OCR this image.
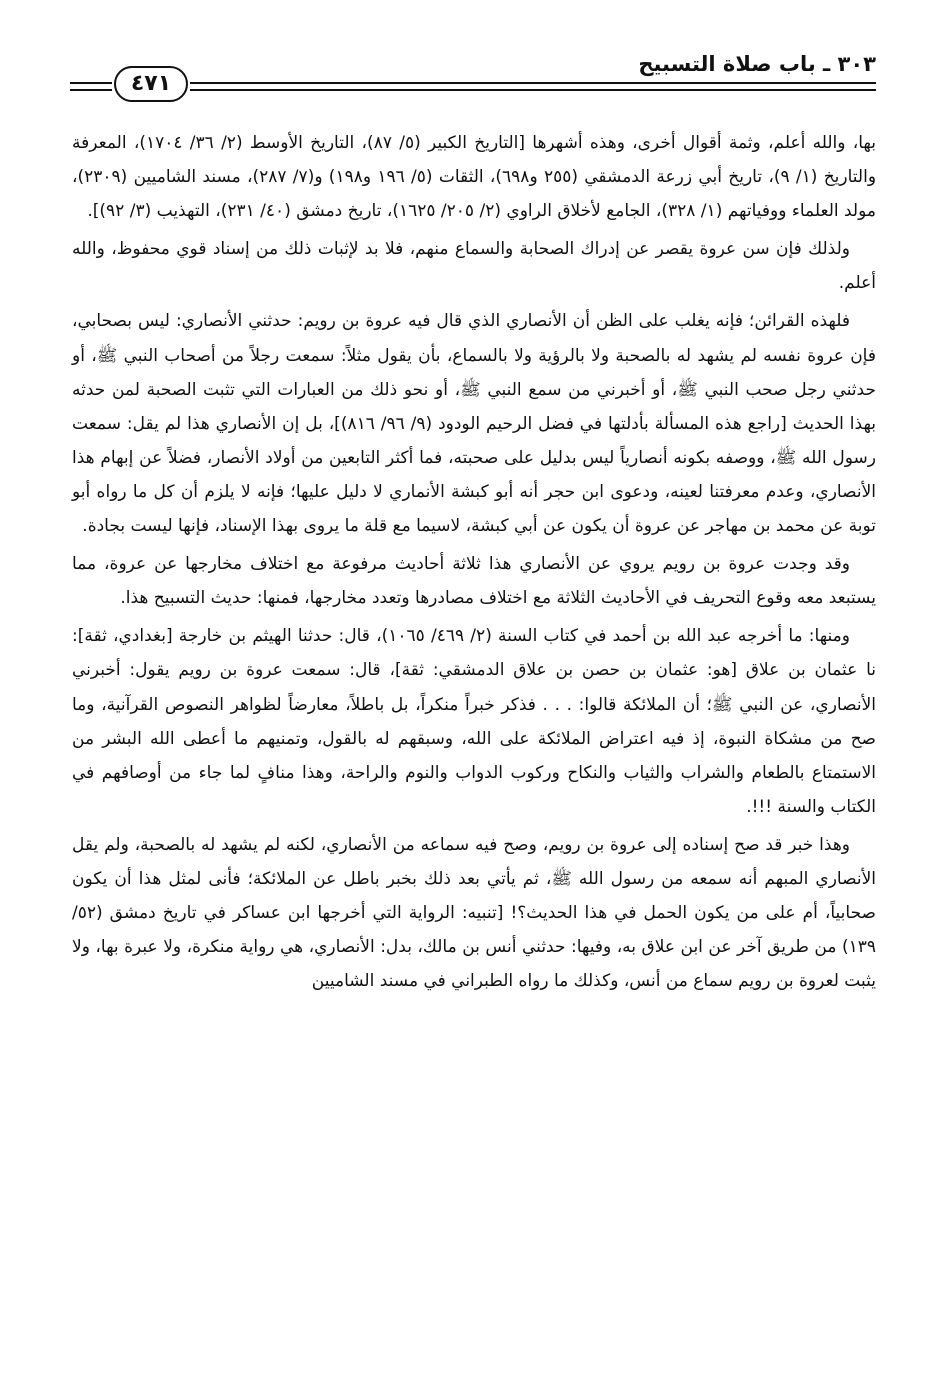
٣٠٣ ـ باب صلاة التسبيح
٤٧١

بها، والله أعلم، وثمة أقوال أخرى، وهذه أشهرها [التاريخ الكبير (٥/ ٨٧)، التاريخ الأوسط (٢/ ٣٦/ ١٧٠٤)، المعرفة والتاريخ (١/ ٩)، تاريخ أبي زرعة الدمشقي (٢٥٥ و٦٩٨)، الثقات (٥/ ١٩٦ و١٩٨) و(٧/ ٢٨٧)، مسند الشاميين (٢٣٠٩)، مولد العلماء ووفياتهم (١/ ٣٢٨)، الجامع لأخلاق الراوي (٢/ ٢٠٥/ ١٦٢٥)، تاريخ دمشق (٤٠/ ٢٣١)، التهذيب (٣/ ٩٢)].

ولذلك فإن سن عروة يقصر عن إدراك الصحابة والسماع منهم، فلا بد لإثبات ذلك من إسناد قوي محفوظ، والله أعلم.

فلهذه القرائن؛ فإنه يغلب على الظن أن الأنصاري الذي قال فيه عروة بن رويم: حدثني الأنصاري: ليس بصحابي، فإن عروة نفسه لم يشهد له بالصحبة ولا بالرؤية ولا بالسماع، بأن يقول مثلاً: سمعت رجلاً من أصحاب النبي ﷺ، أو حدثني رجل صحب النبي ﷺ، أو أخبرني من سمع النبي ﷺ، أو نحو ذلك من العبارات التي تثبت الصحبة لمن حدثه بهذا الحديث [راجع هذه المسألة بأدلتها في فضل الرحيم الودود (٩/ ٩٦/ ٨١٦)]، بل إن الأنصاري هذا لم يقل: سمعت رسول الله ﷺ، ووصفه بكونه أنصارياً ليس بدليل على صحبته، فما أكثر التابعين من أولاد الأنصار، فضلاً عن إبهام هذا الأنصاري، وعدم معرفتنا لعينه، ودعوى ابن حجر أنه أبو كبشة الأنماري لا دليل عليها؛ فإنه لا يلزم أن كل ما رواه أبو توبة عن محمد بن مهاجر عن عروة أن يكون عن أبي كبشة، لاسيما مع قلة ما يروى بهذا الإسناد، فإنها ليست بجادة.

وقد وجدت عروة بن رويم يروي عن الأنصاري هذا ثلاثة أحاديث مرفوعة مع اختلاف مخارجها عن عروة، مما يستبعد معه وقوع التحريف في الأحاديث الثلاثة مع اختلاف مصادرها وتعدد مخارجها، فمنها: حديث التسبيح هذا.

ومنها: ما أخرجه عبد الله بن أحمد في كتاب السنة (٢/ ٤٦٩/ ١٠٦٥)، قال: حدثنا الهيثم بن خارجة [بغدادي، ثقة]: نا عثمان بن علاق [هو: عثمان بن حصن بن علاق الدمشقي: ثقة]، قال: سمعت عروة بن رويم يقول: أخبرني الأنصاري، عن النبي ﷺ؛ أن الملائكة قالوا: . . . فذكر خبراً منكراً، بل باطلاً، معارضاً لظواهر النصوص القرآنية، وما صح من مشكاة النبوة، إذ فيه اعتراض الملائكة على الله، وسبقهم له بالقول، وتمنيهم ما أعطى الله البشر من الاستمتاع بالطعام والشراب والثياب والنكاح وركوب الدواب والنوم والراحة، وهذا منافٍ لما جاء من أوصافهم في الكتاب والسنة !!!.

وهذا خبر قد صح إسناده إلى عروة بن رويم، وصح فيه سماعه من الأنصاري، لكنه لم يشهد له بالصحبة، ولم يقل الأنصاري المبهم أنه سمعه من رسول الله ﷺ، ثم يأتي بعد ذلك بخبر باطل عن الملائكة؛ فأنى لمثل هذا أن يكون صحابياً، أم على من يكون الحمل في هذا الحديث؟! [تنبيه: الرواية التي أخرجها ابن عساكر في تاريخ دمشق (٥٢/ ١٣٩) من طريق آخر عن ابن علاق به، وفيها: حدثني أنس بن مالك، بدل: الأنصاري، هي رواية منكرة، ولا عبرة بها، ولا يثبت لعروة بن رويم سماع من أنس، وكذلك ما رواه الطبراني في مسند الشاميين
